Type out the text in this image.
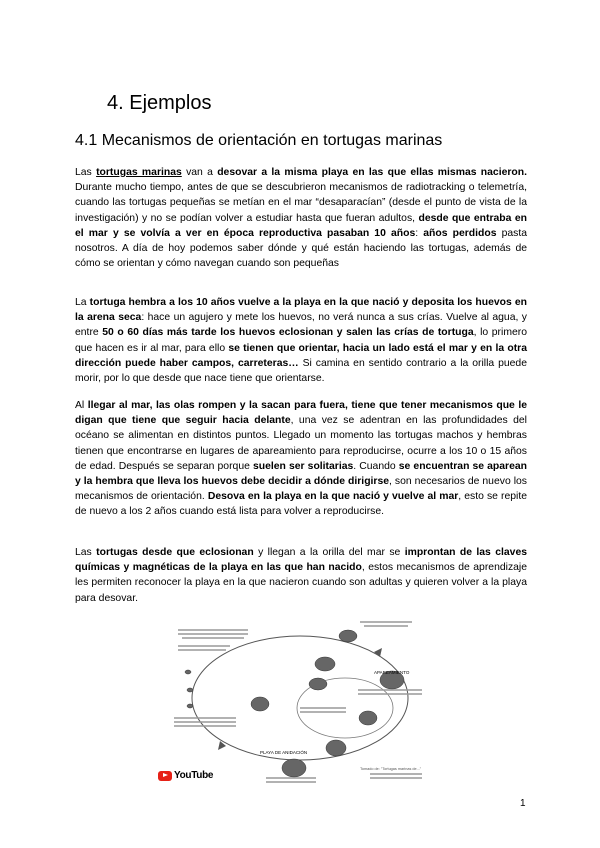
4. Ejemplos
4.1 Mecanismos de orientación en tortugas marinas

Las tortugas marinas van a desovar a la misma playa en las que ellas mismas nacieron. Durante mucho tiempo, antes de que se descubrieron mecanismos de radiotracking o telemetría, cuando las tortugas pequeñas se metían en el mar “desaparacían” (desde el punto de vista de la investigación) y no se podían volver a estudiar hasta que fueran adultos, desde que entraba en el mar y se volvía a ver en época reproductiva pasaban 10 años: años perdidos pasta nosotros. A día de hoy podemos saber dónde y qué están haciendo las tortugas, además de cómo se orientan y cómo navegan cuando son pequeñas

La tortuga hembra a los 10 años vuelve a la playa en la que nació y deposita los huevos en la arena seca: hace un agujero y mete los huevos, no verá nunca a sus crías. Vuelve al agua, y entre 50 o 60 días más tarde los huevos eclosionan y salen las crías de tortuga, lo primero que hacen es ir al mar, para ello se tienen que orientar, hacia un lado está el mar y en la otra dirección puede haber campos, carreteras… Si camina en sentido contrario a la orilla puede morir, por lo que desde que nace tiene que orientarse.

Al llegar al mar, las olas rompen y la sacan para fuera, tiene que tener mecanismos que le digan que tiene que seguir hacia delante, una vez se adentran en las profundidades del océano se alimentan en distintos puntos. Llegado un momento las tortugas machos y hembras tienen que encontrarse en lugares de apareamiento para reproducirse, ocurre a los 10 o 15 años de edad. Después se separan porque suelen ser solitarias. Cuando se encuentran se aparean y la hembra que lleva los huevos debe decidir a dónde dirigirse, son necesarios de nuevo los mecanismos de orientación. Desova en la playa en la que nació y vuelve al mar, esto se repite de nuevo a los 2 años cuando está lista para volver a reproducirse.

Las tortugas desde que eclosionan y llegan a la orilla del mar se improntan de las claves químicas y magnéticas de la playa en las que han nacido, estos mecanismos de aprendizaje les permiten reconocer la playa en la que nacieron cuando son adultas y quieren volver a la playa para desovar.

APAREAMIENTO
PLAYA DE ANIDACIÓN
Tomado de: "Tortugas marinas de..."
YouTube
1
